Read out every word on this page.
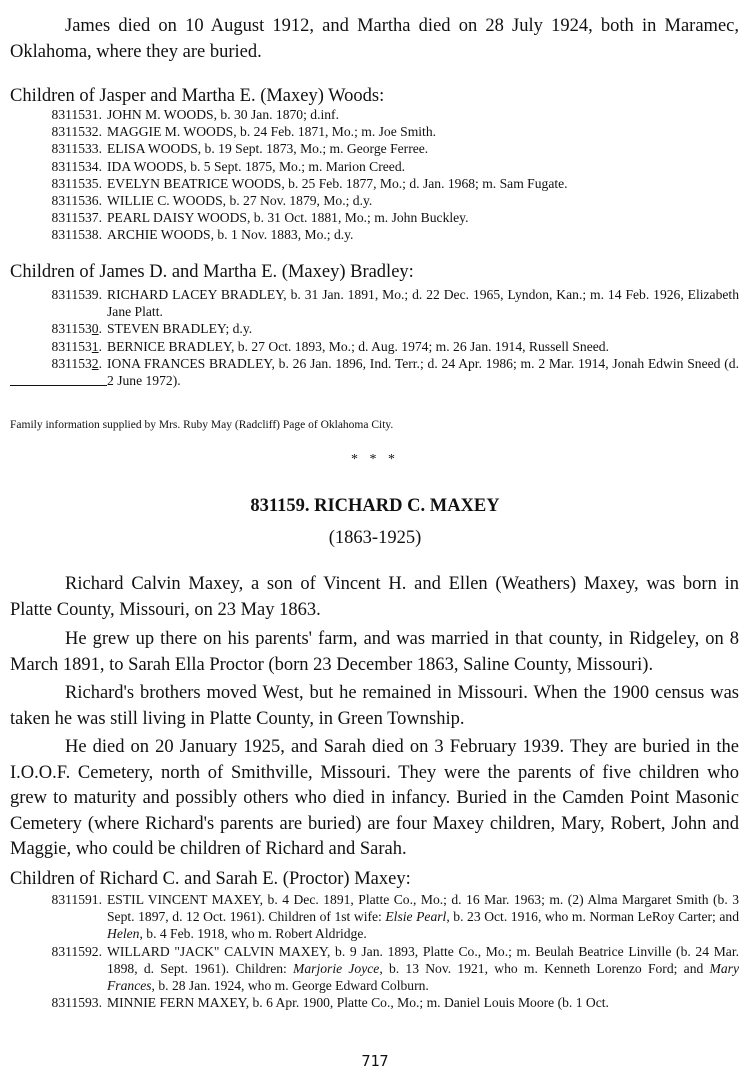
James died on 10 August 1912, and Martha died on 28 July 1924, both in Maramec, Oklahoma, where they are buried.

Children of Jasper and Martha E. (Maxey) Woods:

8311531. JOHN M. WOODS, b. 30 Jan. 1870; d.inf.
8311532. MAGGIE M. WOODS, b. 24 Feb. 1871, Mo.; m. Joe Smith.
8311533. ELISA WOODS, b. 19 Sept. 1873, Mo.; m. George Ferree.
8311534. IDA WOODS, b. 5 Sept. 1875, Mo.; m. Marion Creed.
8311535. EVELYN BEATRICE WOODS, b. 25 Feb. 1877, Mo.; d. Jan. 1968; m. Sam Fugate.
8311536. WILLIE C. WOODS, b. 27 Nov. 1879, Mo.; d.y.
8311537. PEARL DAISY WOODS, b. 31 Oct. 1881, Mo.; m. John Buckley.
8311538. ARCHIE WOODS, b. 1 Nov. 1883, Mo.; d.y.

Children of James D. and Martha E. (Maxey) Bradley:

8311539. RICHARD LACEY BRADLEY, b. 31 Jan. 1891, Mo.; d. 22 Dec. 1965, Lyndon, Kan.; m. 14 Feb. 1926, Elizabeth Jane Platt.
8311530. STEVEN BRADLEY; d.y.
8311531. BERNICE BRADLEY, b. 27 Oct. 1893, Mo.; d. Aug. 1974; m. 26 Jan. 1914, Russell Sneed.
8311532. IONA FRANCES BRADLEY, b. 26 Jan. 1896, Ind. Terr.; d. 24 Apr. 1986; m. 2 Mar. 1914, Jonah Edwin Sneed (d. 2 June 1972).

Family information supplied by Mrs. Ruby May (Radcliff) Page of Oklahoma City.

* * *

831159. RICHARD C. MAXEY

(1863-1925)

Richard Calvin Maxey, a son of Vincent H. and Ellen (Weathers) Maxey, was born in Platte County, Missouri, on 23 May 1863.

He grew up there on his parents' farm, and was married in that county, in Ridgeley, on 8 March 1891, to Sarah Ella Proctor (born 23 December 1863, Saline County, Missouri).

Richard's brothers moved West, but he remained in Missouri. When the 1900 census was taken he was still living in Platte County, in Green Township.

He died on 20 January 1925, and Sarah died on 3 February 1939. They are buried in the I.O.O.F. Cemetery, north of Smithville, Missouri. They were the parents of five children who grew to maturity and possibly others who died in infancy. Buried in the Camden Point Masonic Cemetery (where Richard's parents are buried) are four Maxey children, Mary, Robert, John and Maggie, who could be children of Richard and Sarah.

Children of Richard C. and Sarah E. (Proctor) Maxey:

8311591. ESTIL VINCENT MAXEY, b. 4 Dec. 1891, Platte Co., Mo.; d. 16 Mar. 1963; m. (2) Alma Margaret Smith (b. 3 Sept. 1897, d. 12 Oct. 1961). Children of 1st wife: Elsie Pearl, b. 23 Oct. 1916, who m. Norman LeRoy Carter; and Helen, b. 4 Feb. 1918, who m. Robert Aldridge.
8311592. WILLARD "JACK" CALVIN MAXEY, b. 9 Jan. 1893, Platte Co., Mo.; m. Beulah Beatrice Linville (b. 24 Mar. 1898, d. Sept. 1961). Children: Marjorie Joyce, b. 13 Nov. 1921, who m. Kenneth Lorenzo Ford; and Mary Frances, b. 28 Jan. 1924, who m. George Edward Colburn.
8311593. MINNIE FERN MAXEY, b. 6 Apr. 1900, Platte Co., Mo.; m. Daniel Louis Moore (b. 1 Oct.
717
